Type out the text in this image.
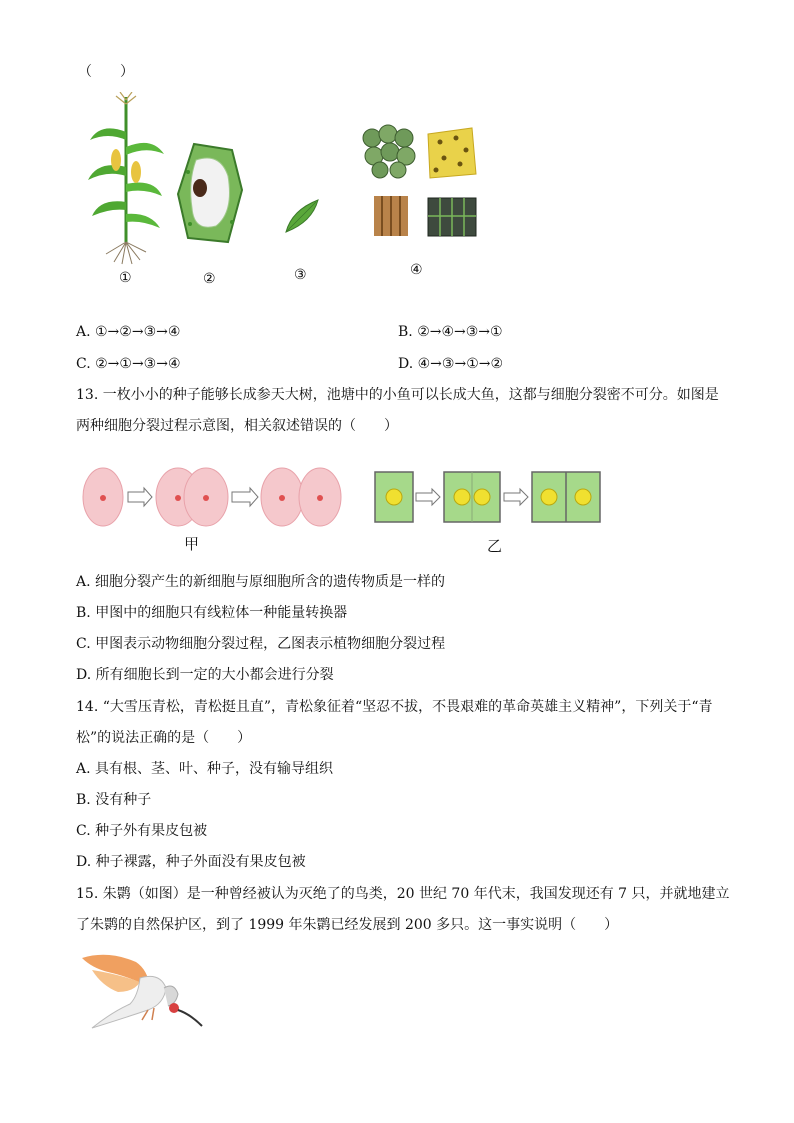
（　　）
①	②	③	④
A. ①→②→③→④	B. ②→④→③→①
C. ②→①→③→④	D. ④→③→①→②
13. 一枚小小的种子能够长成参天大树，池塘中的小鱼可以长成大鱼，这都与细胞分裂密不可分。如图是
两种细胞分裂过程示意图，相关叙述错误的（　　）
甲	乙
A. 细胞分裂产生的新细胞与原细胞所含的遗传物质是一样的
B. 甲图中的细胞只有线粒体一种能量转换器
C. 甲图表示动物细胞分裂过程，乙图表示植物细胞分裂过程
D. 所有细胞长到一定的大小都会进行分裂
14. “大雪压青松，青松挺且直”，青松象征着“坚忍不拔，不畏艰难的革命英雄主义精神”，下列关于“青
松”的说法正确的是（　　）
A. 具有根、茎、叶、种子，没有输导组织
B. 没有种子
C. 种子外有果皮包被
D. 种子裸露，种子外面没有果皮包被
15. 朱鹮（如图）是一种曾经被认为灭绝了的鸟类，20 世纪 70 年代末，我国发现还有 7 只，并就地建立
了朱鹮的自然保护区，到了 1999 年朱鹮已经发展到 200 多只。这一事实说明（　　）
